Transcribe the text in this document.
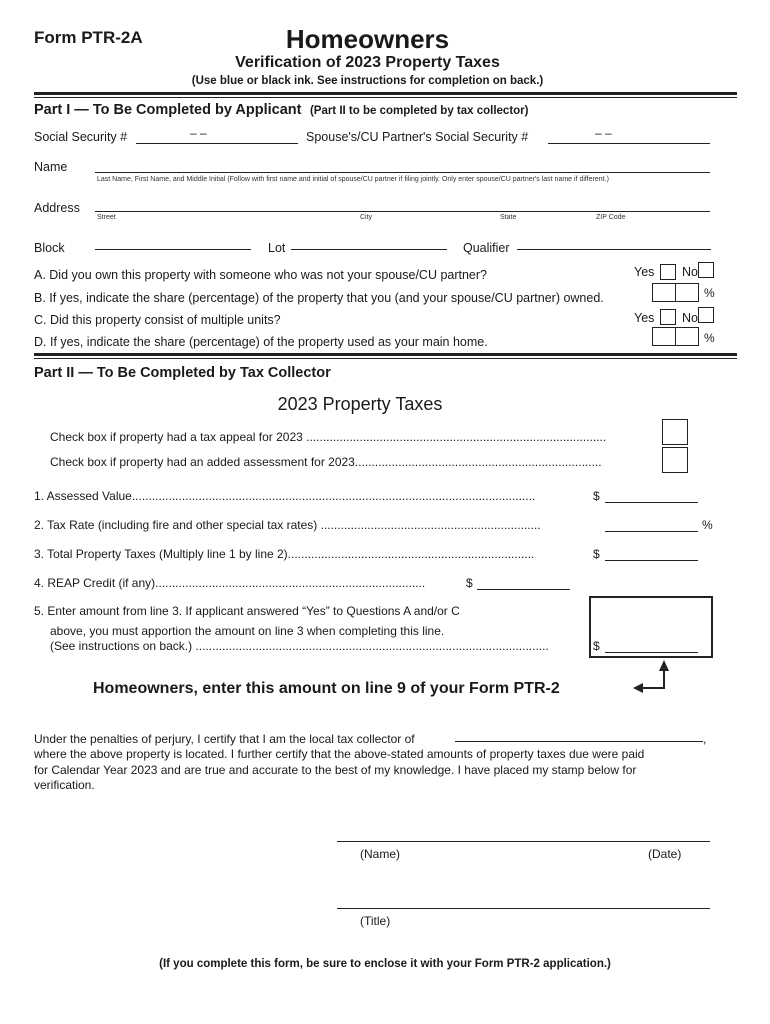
Form PTR-2A	Homeowners
Verification of 2023 Property Taxes
(Use blue or black ink. See instructions for completion on back.)
Part I — To Be Completed by Applicant (Part II to be completed by tax collector)
Social Security #	– –	Spouse's/CU Partner's Social Security #	– –
Name
Last Name, First Name, and Middle Initial (Follow with first name and initial of spouse/CU partner if filing jointly. Only enter spouse/CU partner's last name if different.)
Address
Street	City	State	ZIP Code
Block	Lot	Qualifier
A. Did you own this property with someone who was not your spouse/CU partner?	Yes No
B. If yes, indicate the share (percentage) of the property that you (and your spouse/CU partner) owned.	%
C. Did this property consist of multiple units?	Yes No
D. If yes, indicate the share (percentage) of the property used as your main home.	%
Part II — To Be Completed by Tax Collector
2023 Property Taxes
Check box if property had a tax appeal for 2023 ..........................................................................................
Check box if property had an added assessment for 2023..........................................................................
1. Assessed Value.........................................................................................................................	$
2. Tax Rate (including fire and other special tax rates) ..................................................................	%
3. Total Property Taxes (Multiply line 1 by line 2)..........................................................................	$
4. REAP Credit (if any).................................................................................	$
5. Enter amount from line 3. If applicant answered “Yes” to Questions A and/or C
above, you must apportion the amount on line 3 when completing this line.
(See instructions on back.) ..........................................................................................................	$
Homeowners, enter this amount on line 9 of your Form PTR-2
Under the penalties of perjury, I certify that I am the local tax collector of	,
where the above property is located. I further certify that the above-stated amounts of property taxes due were paid
for Calendar Year 2023 and are true and accurate to the best of my knowledge. I have placed my stamp below for
verification.
(Name)	(Date)
(Title)
(If you complete this form, be sure to enclose it with your Form PTR-2 application.)
